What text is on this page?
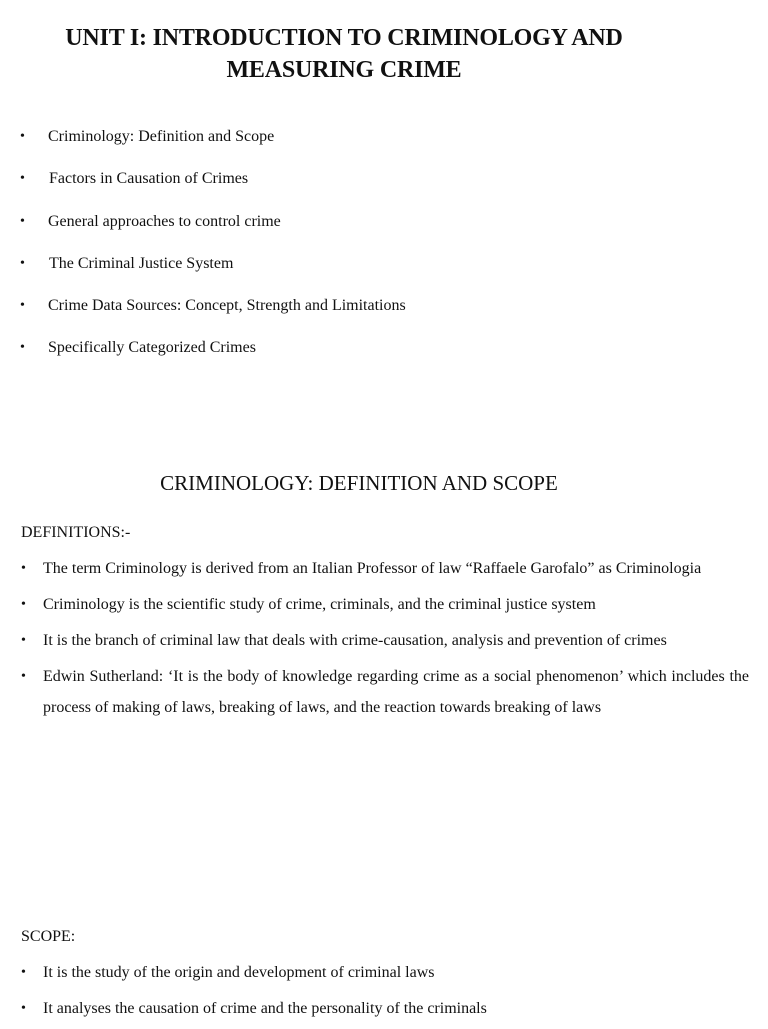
UNIT I: INTRODUCTION TO CRIMINOLOGY AND
MEASURING CRIME
• Criminology: Definition and Scope
• Factors in Causation of Crimes
• General approaches to control crime
• The Criminal Justice System
• Crime Data Sources: Concept, Strength and Limitations
• Specifically Categorized Crimes
CRIMINOLOGY: DEFINITION AND SCOPE

DEFINITIONS:-

• The term Criminology is derived from an Italian Professor of law “Raffaele Garofalo” as Criminologia
• Criminology is the scientific study of crime, criminals, and the criminal justice system
• It is the branch of criminal law that deals with crime-causation, analysis and prevention of crimes
• Edwin Sutherland: ‘It is the body of knowledge regarding crime as a social phenomenon’ which includes the process of making of laws, breaking of laws, and the reaction towards breaking of laws

SCOPE:

• It is the study of the origin and development of criminal laws
• It analyses the causation of crime and the personality of the criminals
